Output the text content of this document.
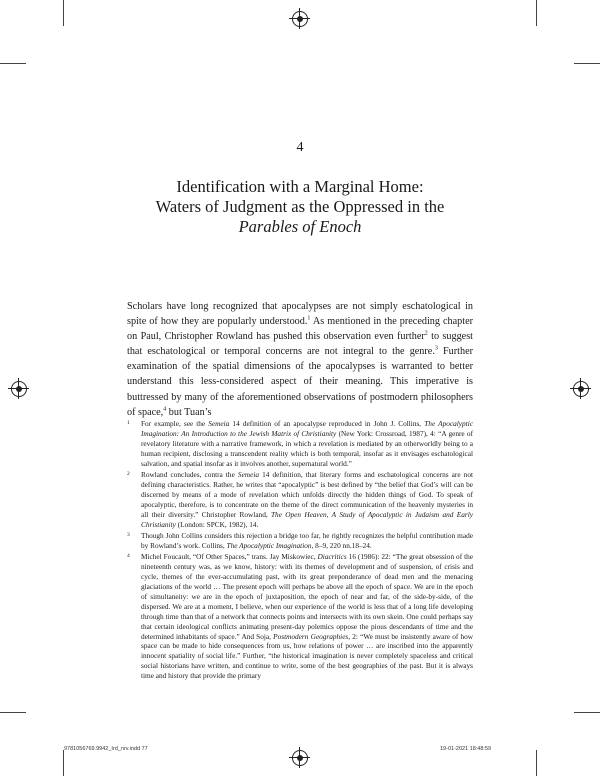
4
Identification with a Marginal Home:
Waters of Judgment as the Oppressed in the
Parables of Enoch

Scholars have long recognized that apocalypses are not simply eschatological in spite of how they are popularly understood.$^1$ As mentioned in the preceding chapter on Paul, Christopher Rowland has pushed this observation even further$^2$ to suggest that eschatological or temporal concerns are not integral to the genre.$^3$ Further examination of the spatial dimensions of the apocalypses is warranted to better understand this less-considered aspect of their meaning. This imperative is buttressed by many of the aforementioned observations of postmodern philosophers of space,$^4$ but Tuan’s

1 For example, see the Semeia 14 definition of an apocalypse reproduced in John J. Collins, The Apocalyptic Imagination: An Introduction to the Jewish Matrix of Christianity (New York: Crossroad, 1987), 4: “A genre of revelatory literature with a narrative framework, in which a revelation is mediated by an otherworldly being to a human recipient, disclosing a transcendent reality which is both temporal, insofar as it envisages eschatological salvation, and spatial insofar as it involves another, supernatural world.”
2 Rowland concludes, contra the Semeia 14 definition, that literary forms and eschatological concerns are not defining characteristics. Rather, he writes that “apocalyptic” is best defined by “the belief that God’s will can be discerned by means of a mode of revelation which unfolds directly the hidden things of God. To speak of apocalyptic, therefore, is to concentrate on the theme of the direct communication of the heavenly mysteries in all their diversity.” Christopher Rowland, The Open Heaven, A Study of Apocalyptic in Judaism and Early Christianity (London: SPCK, 1982), 14.
3 Though John Collins considers this rejection a bridge too far, he rightly recognizes the helpful contribution made by Rowland’s work. Collins, The Apocalyptic Imagination, 8–9, 220 nn.18–24.
4 Michel Foucault, “Of Other Spaces,” trans. Jay Miskowiec, Diacritics 16 (1986): 22: “The great obsession of the nineteenth century was, as we know, history: with its themes of development and of suspension, of crisis and cycle, themes of the ever-accumulating past, with its great preponderance of dead men and the menacing glaciations of the world … The present epoch will perhaps be above all the epoch of space. We are in the epoch of simultaneity: we are in the epoch of juxtaposition, the epoch of near and far, of the side-by-side, of the dispersed. We are at a moment, I believe, when our experience of the world is less that of a long life developing through time than that of a network that connects points and intersects with its own skein. One could perhaps say that certain ideological conflicts animating present-day polemics oppose the pious descendants of time and the determined inhabitants of space.” And Soja, Postmodern Geographies, 2: “We must be insistently aware of how space can be made to hide consequences from us, how relations of power … are inscribed into the apparently innocent spatiality of social life.” Further, “the historical imagination is never completely spaceless and critical social historians have written, and continue to write, some of the best geographies of the past. But it is always time and history that provide the primary
9781056769.9942_Ird_nrv.indd 77	19-01-2021 18:48:59
